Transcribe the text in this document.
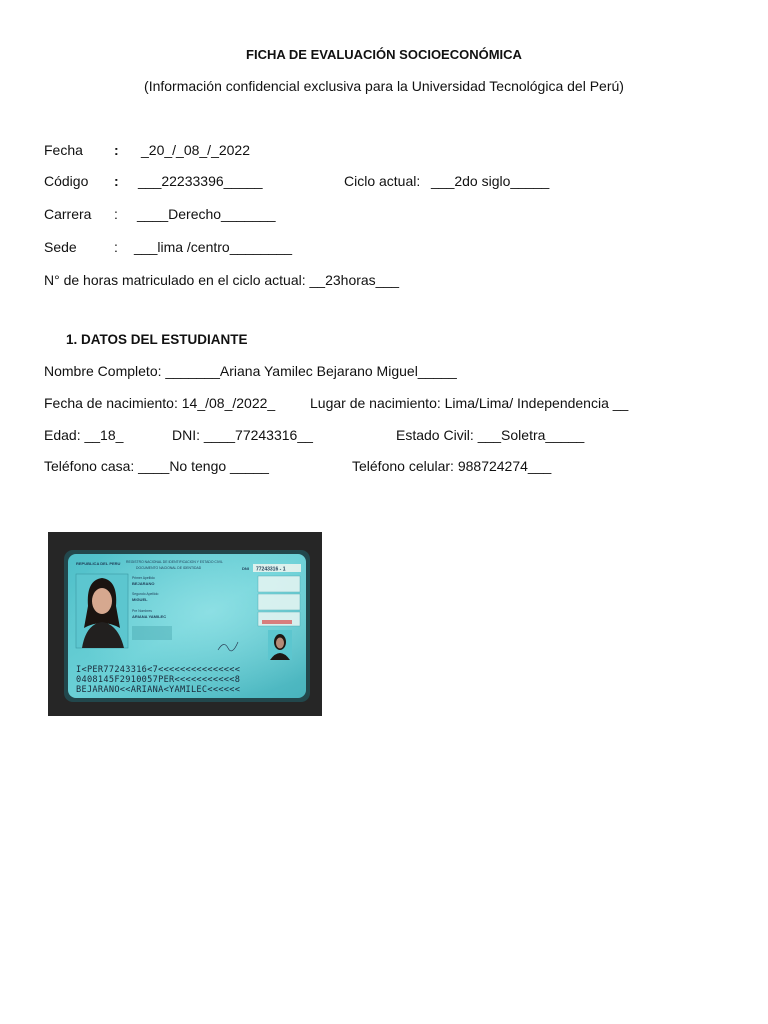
FICHA DE EVALUACIÓN SOCIOECONÓMICA
(Información confidencial exclusiva para la Universidad Tecnológica del Perú)
Fecha : _20_/_08_/_2022
Código : ___22233396_____	Ciclo actual: ___2do siglo_____
Carrera : ____Derecho_______
Sede	: ___lima /centro________
N° de horas matriculado en el ciclo actual: __23horas___
1. DATOS DEL ESTUDIANTE
Nombre Completo: _______Ariana Yamilec Bejarano Miguel_____
Fecha de nacimiento: 14_/08_/2022_ Lugar de nacimiento: Lima/Lima/ Independencia __
Edad: __18_	DNI: ____77243316__	Estado Civil: ___Soletra_____
Teléfono casa: ____No tengo _____	Teléfono celular: 988724274___
REPUBLICA DEL PERU REGISTRO NACIONAL DE IDENTIFICACION Y ESTADO CIVIL
DOCUMENTO NACIONAL DE IDENTIDAD	DNI 77243316 - 1
Primer Apellido
BEJARANO
Segundo Apellido
MIGUEL
Pre Nombres
ARIANA YAMILEC
I<PER77243316<7<<<<<<<<<<<<<<<
0408145F2910057PER<<<<<<<<<<<8
BEJARANO<<ARIANA<YAMILEC<<<<<<
